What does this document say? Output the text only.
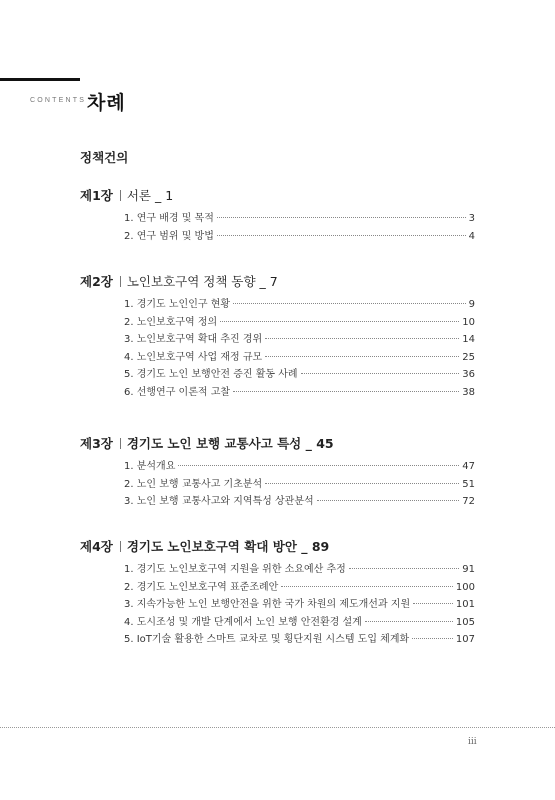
CONTENTS 차례
정책건의
제1장 서론 _ 1
1. 연구 배경 및 목적	3
2. 연구 범위 및 방법	4
제2장 노인보호구역 정책 동향 _ 7
1. 경기도 노인인구 현황	9
2. 노인보호구역 정의	10
3. 노인보호구역 확대 추진 경위	14
4. 노인보호구역 사업 재정 규모	25
5. 경기도 노인 보행안전 증진 활동 사례	36
6. 선행연구 이론적 고찰	38
제3장 경기도 노인 보행 교통사고 특성 _ 45
1. 분석개요	47
2. 노인 보행 교통사고 기초분석	51
3. 노인 보행 교통사고와 지역특성 상관분석	72
제4장 경기도 노인보호구역 확대 방안 _ 89
1. 경기도 노인보호구역 지원을 위한 소요예산 추정	91
2. 경기도 노인보호구역 표준조례안	100
3. 지속가능한 노인 보행안전을 위한 국가 차원의 제도개선과 지원	101
4. 도시조성 및 개발 단계에서 노인 보행 안전환경 설계	105
5. IoT기술 활용한 스마트 교차로 및 횡단지원 시스템 도입 체계화	107
iii
